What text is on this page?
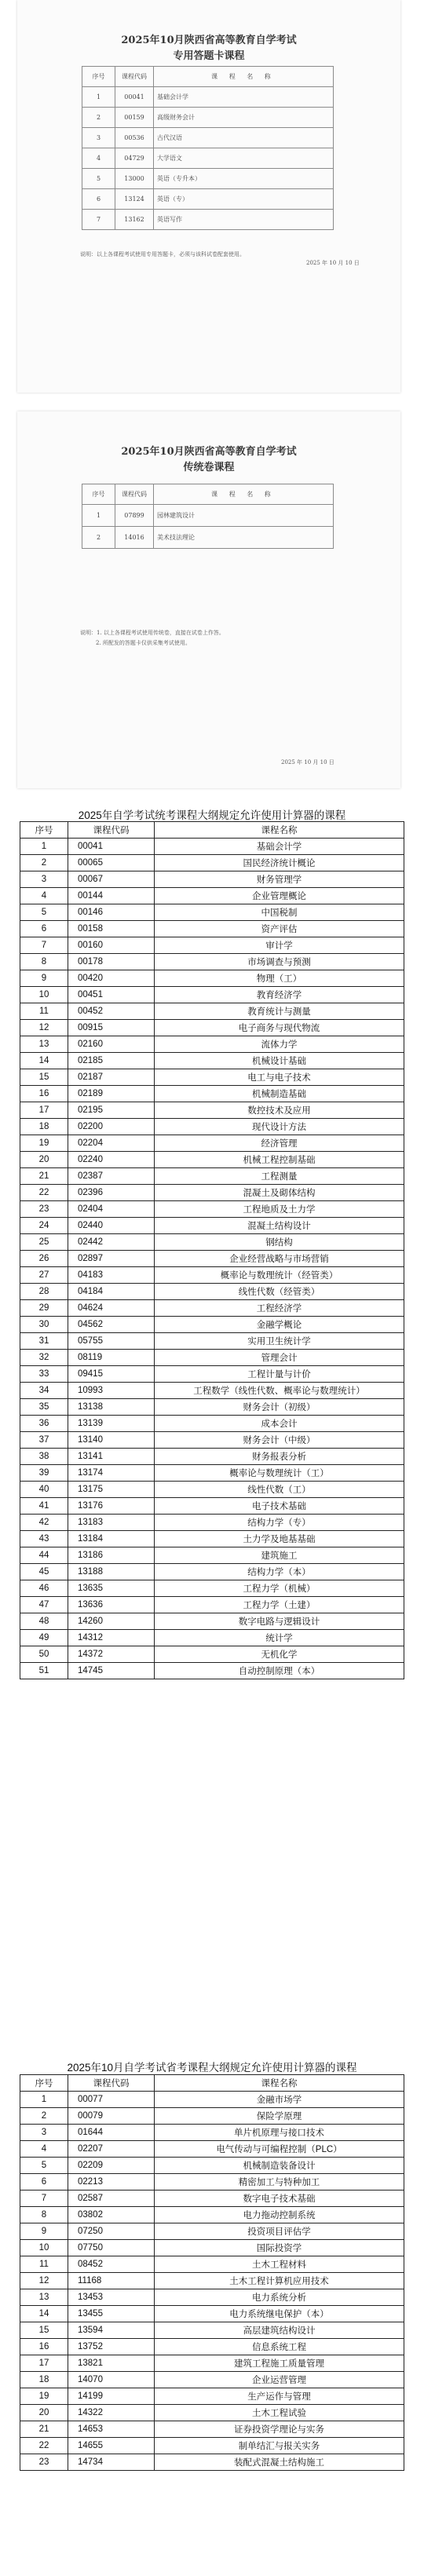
2025年10月陕西省高等教育自学考试
专用答题卡课程
序号	课程代码	课 程 名 称
1	00041	基础会计学
2	00159	高级财务会计
3	00536	古代汉语
4	04729	大学语文
5	13000	英语（专升本）
6	13124	英语（专）
7	13162	英语写作
说明：以上各课程考试使用专用答题卡，必须与该科试卷配套使用。
2025 年 10 月 10 日
2025年10月陕西省高等教育自学考试
传统卷课程
序号	课程代码	课 程 名 称
1	07899	园林建筑设计
2	14016	美术技法理论
说明：1. 以上各课程考试使用传统卷，直接在试卷上作答。
2. 所配发的答题卡仅供采集考试使用。
2025 年 10 月 10 日
2025年自学考试统考课程大纲规定允许使用计算器的课程
序号	课程代码	课程名称
1	00041	基础会计学
2	00065	国民经济统计概论
3	00067	财务管理学
4	00144	企业管理概论
5	00146	中国税制
6	00158	资产评估
7	00160	审计学
8	00178	市场调查与预测
9	00420	物理（工）
10	00451	教育经济学
11	00452	教育统计与测量
12	00915	电子商务与现代物流
13	02160	流体力学
14	02185	机械设计基础
15	02187	电工与电子技术
16	02189	机械制造基础
17	02195	数控技术及应用
18	02200	现代设计方法
19	02204	经济管理
20	02240	机械工程控制基础
21	02387	工程测量
22	02396	混凝土及砌体结构
23	02404	工程地质及土力学
24	02440	混凝土结构设计
25	02442	钢结构
26	02897	企业经营战略与市场营销
27	04183	概率论与数理统计（经管类）
28	04184	线性代数（经管类）
29	04624	工程经济学
30	04562	金融学概论
31	05755	实用卫生统计学
32	08119	管理会计
33	09415	工程计量与计价
34	10993	工程数学（线性代数、概率论与数理统计）
35	13138	财务会计（初级）
36	13139	成本会计
37	13140	财务会计（中级）
38	13141	财务报表分析
39	13174	概率论与数理统计（工）
40	13175	线性代数（工）
41	13176	电子技术基础
42	13183	结构力学（专）
43	13184	土力学及地基基础
44	13186	建筑施工
45	13188	结构力学（本）
46	13635	工程力学（机械）
47	13636	工程力学（土建）
48	14260	数字电路与逻辑设计
49	14312	统计学
50	14372	无机化学
51	14745	自动控制原理（本）
2025年10月自学考试省考课程大纲规定允许使用计算器的课程
序号	课程代码	课程名称
1	00077	金融市场学
2	00079	保险学原理
3	01644	单片机原理与接口技术
4	02207	电气传动与可编程控制（PLC）
5	02209	机械制造装备设计
6	02213	精密加工与特种加工
7	02587	数字电子技术基础
8	03802	电力拖动控制系统
9	07250	投资项目评估学
10	07750	国际投资学
11	08452	土木工程材料
12	11168	土木工程计算机应用技术
13	13453	电力系统分析
14	13455	电力系统继电保护（本）
15	13594	高层建筑结构设计
16	13752	信息系统工程
17	13821	建筑工程施工质量管理
18	14070	企业运营管理
19	14199	生产运作与管理
20	14322	土木工程试验
21	14653	证券投资学理论与实务
22	14655	制单结汇与报关实务
23	14734	装配式混凝土结构施工
